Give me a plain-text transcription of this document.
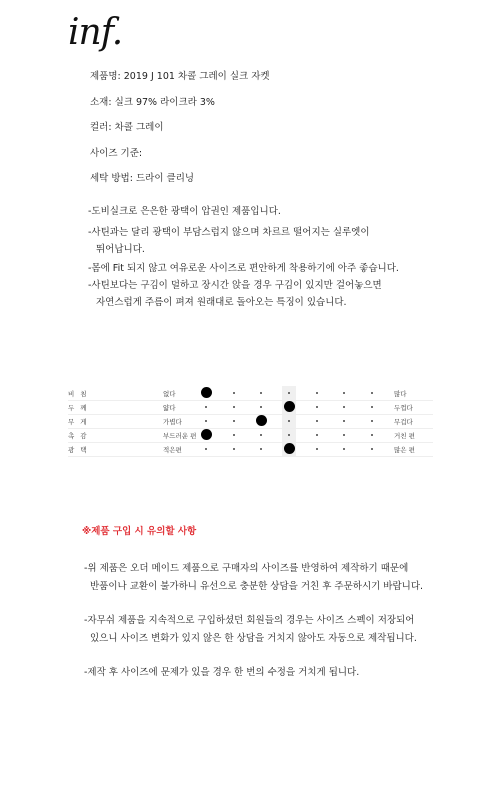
inf.
제품명: 2019 J 101 차콜 그레이 실크 자켓
소재: 실크 97% 라이크라 3%
컬러: 차콜 그레이
사이즈 기준:
세탁 방법: 드라이 클리닝
-도비실크로 은은한 광택이 압권인 제품입니다.
-사틴과는 달리 광택이 부담스럽지 않으며 차르르 떨어지는 실루엣이
뛰어납니다.
-몸에 Fit 되지 않고 여유로운 사이즈로 편안하게 착용하기에 아주 좋습니다.
-사틴보다는 구김이 덜하고 장시간 앉을 경우 구김이 있지만 걸어놓으면
자연스럽게 주름이 펴져 원래대로 돌아오는 특징이 있습니다.
비침	없다	많다
두께	얇다	두껍다
무게	가볍다	무겁다
촉감	부드러운 편	거친 편
광택	적은편	많은 편
※제품 구입 시 유의할 사항
-위 제품은 오더 메이드 제품으로 구매자의 사이즈를 반영하여 제작하기 때문에
반품이나 교환이 불가하니 유선으로 충분한 상담을 거친 후 주문하시기 바랍니다.
-자무쉬 제품을 지속적으로 구입하셨던 회원들의 경우는 사이즈 스펙이 저장되어
있으니 사이즈 변화가 있지 않은 한 상담을 거치지 않아도 자동으로 제작됩니다.
-제작 후 사이즈에 문제가 있을 경우 한 번의 수정을 거치게 됩니다.
